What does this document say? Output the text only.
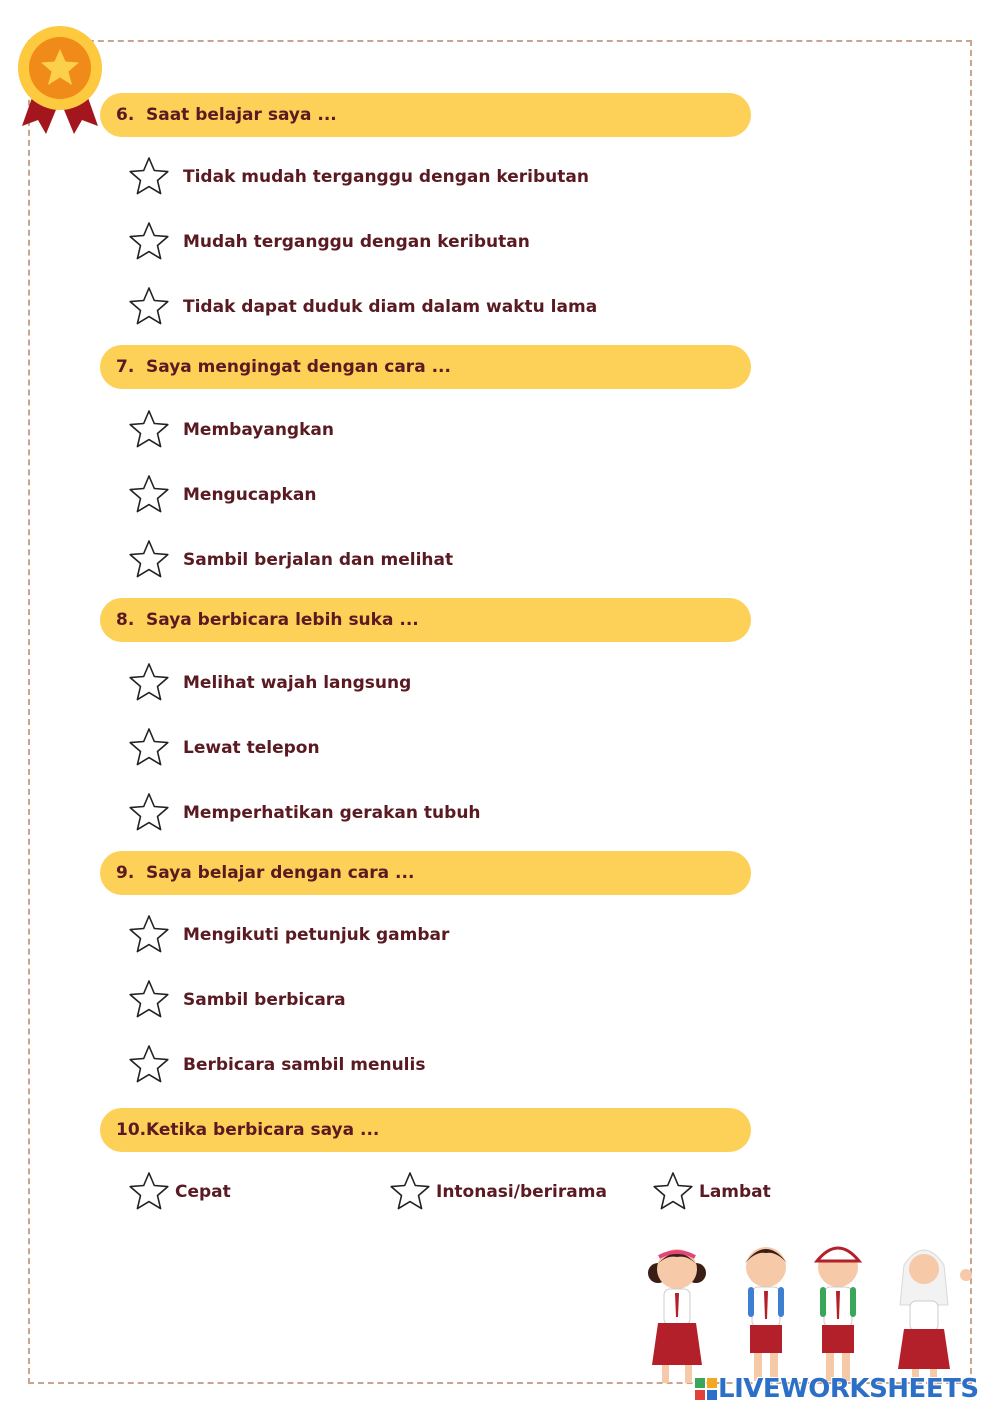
6. Saat belajar saya ...
Tidak mudah terganggu dengan keributan
Mudah terganggu dengan keributan
Tidak dapat duduk diam dalam waktu lama
7. Saya mengingat dengan cara ...
Membayangkan
Mengucapkan
Sambil berjalan dan melihat
8. Saya berbicara lebih suka ...
Melihat wajah langsung
Lewat telepon
Memperhatikan gerakan tubuh
9. Saya belajar dengan cara ...
Mengikuti petunjuk gambar
Sambil berbicara
Berbicara sambil menulis
10. Ketika berbicara saya ...
Cepat	Intonasi/berirama	Lambat
LIVEWORKSHEETS
